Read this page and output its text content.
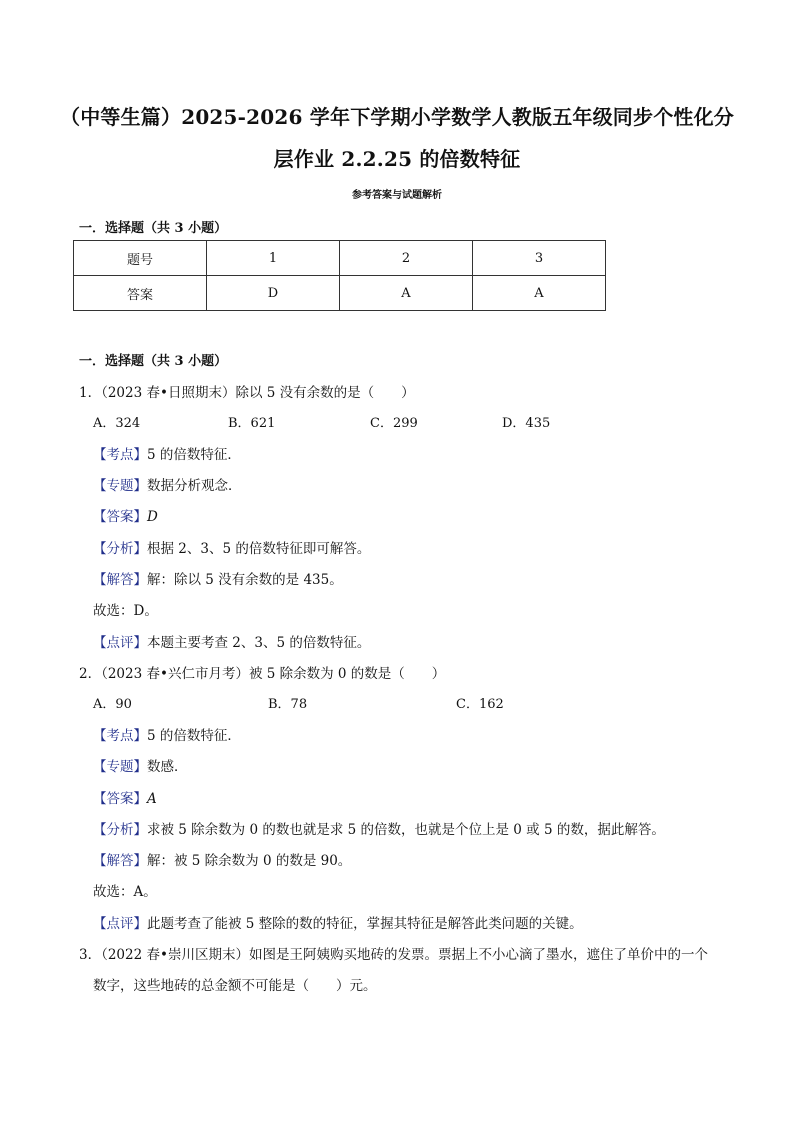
（中等生篇）2025-2026 学年下学期小学数学人教版五年级同步个性化分
层作业 2.2.25 的倍数特征
参考答案与试题解析
一．选择题（共 3 小题）
题号	1	2	3
答案	D	A	A
一．选择题（共 3 小题）
1．（2023 春•日照期末）除以 5 没有余数的是（　　）
A．324	B．621	C．299	D．435
【考点】5 的倍数特征．
【专题】数据分析观念．
【答案】D
【分析】根据 2、3、5 的倍数特征即可解答。
【解答】解：除以 5 没有余数的是 435。
故选：D。
【点评】本题主要考查 2、3、5 的倍数特征。
2．（2023 春•兴仁市月考）被 5 除余数为 0 的数是（　　）
A．90	B．78	C．162
【考点】5 的倍数特征．
【专题】数感．
【答案】A
【分析】求被 5 除余数为 0 的数也就是求 5 的倍数，也就是个位上是 0 或 5 的数，据此解答。
【解答】解：被 5 除余数为 0 的数是 90。
故选：A。
【点评】此题考查了能被 5 整除的数的特征，掌握其特征是解答此类问题的关键。
3．（2022 春•崇川区期末）如图是王阿姨购买地砖的发票。票据上不小心滴了墨水，遮住了单价中的一个
数字，这些地砖的总金额不可能是（　　）元。
